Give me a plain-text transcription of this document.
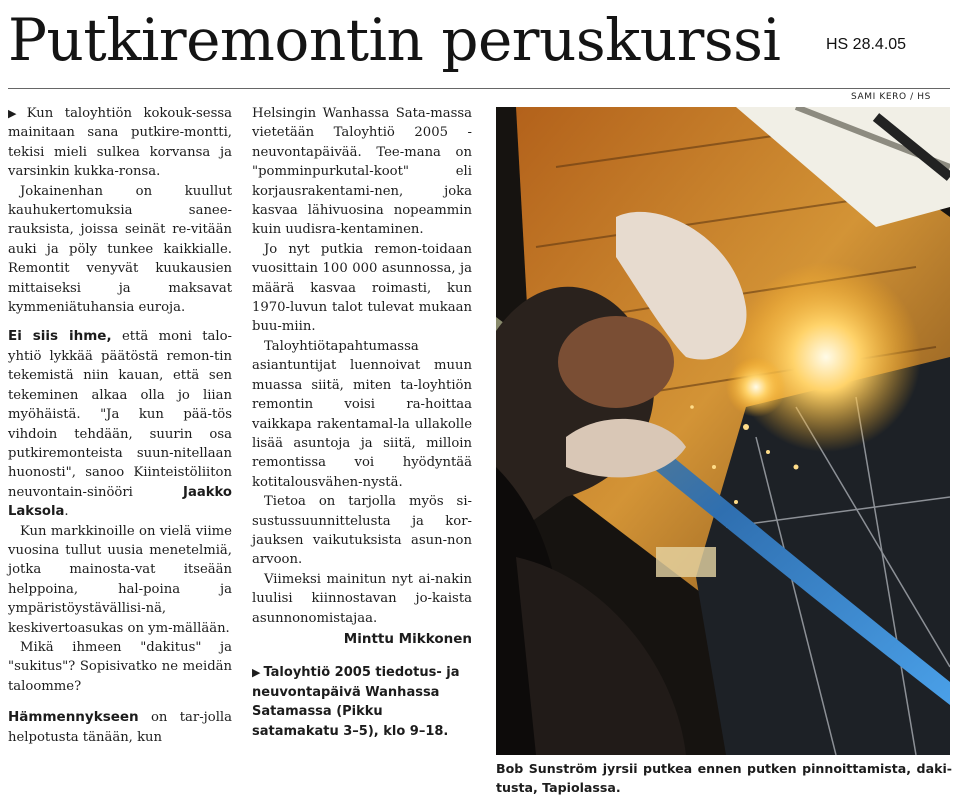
Putkiremontin peruskurssi	HS 28.4.05

▶ Kun taloyhtiön kokouk-sessa mainitaan sana putkire-montti, tekisi mieli sulkea korvansa ja varsinkin kukka-ronsa.

Jokainenhan on kuullut kauhukertomuksia sanee-rauksista, joissa seinät re-vitään auki ja pöly tunkee kaikkialle. Remontit venyvät kuukausien mittaiseksi ja maksavat kymmeniätuhansia euroja.

Ei siis ihme, että moni talo-yhtiö lykkää päätöstä remon-tin tekemistä niin kauan, että sen tekeminen alkaa olla jo liian myöhäistä. "Ja kun pää-tös vihdoin tehdään, suurin osa putkiremonteista suun-nitellaan huonosti", sanoo Kiinteistöliiton neuvontain-sinööri	Jaakko Laksola.

Kun markkinoille on vielä viime vuosina tullut uusia menetelmiä, jotka mainosta-vat itseään helppoina, hal-poina ja ympäristöystävällisi-nä, keskivertoasukas on ym-mällään.

Mikä ihmeen "dakitus" ja "sukitus"? Sopisivatko ne meidän taloomme?

Hämmennykseen on tar-jolla helpotusta tänään, kun

Helsingin Wanhassa Sata-massa vietetään Taloyhtiö 2005 -neuvontapäivää. Tee-mana on "pomminpurkutal-koot" eli korjausrakentami-nen, joka kasvaa lähivuosina nopeammin kuin uudisra-kentaminen.

Jo nyt putkia remon-toidaan vuosittain 100 000 asunnossa, ja määrä kasvaa roimasti, kun 1970-luvun talot tulevat mukaan buu-miin.

Taloyhtiötapahtumassa asiantuntijat luennoivat muun muassa siitä, miten ta-loyhtiön remontin voisi ra-hoittaa vaikkapa rakentamal-la ullakolle lisää asuntoja ja siitä, milloin remontissa voi hyödyntää kotitalousvähen-nystä.

Tietoa on tarjolla myös si-sustussuunnittelusta ja kor-jauksen vaikutuksista asun-non arvoon.

Viimeksi mainitun nyt ai-nakin luulisi kiinnostavan jo-kaista asunnonomistajaa.

Minttu Mikkonen
▶ Taloyhtiö 2005 tiedotus- ja neuvontapäivä Wanhassa Satamassa (Pikku satamakatu 3–5), klo 9–18.
SAMI KERO / HS
Bob Sunström jyrsii putkea ennen putken pinnoittamista, daki-tusta, Tapiolassa.
